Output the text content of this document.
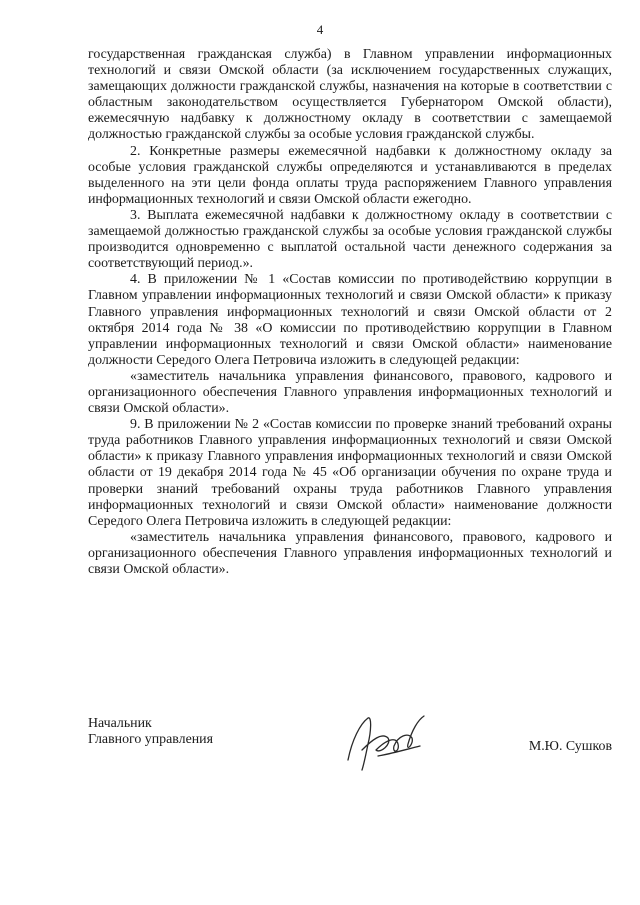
4

государственная гражданская служба) в Главном управлении информационных технологий и связи Омской области (за исключением государственных служащих, замещающих должности гражданской службы, назначения на которые в соответствии с областным законодательством осуществляется Губернатором Омской области), ежемесячную надбавку к должностному окладу в соответствии с замещаемой должностью гражданской службы за особые условия гражданской службы.

2. Конкретные размеры ежемесячной надбавки к должностному окладу за особые условия гражданской службы определяются и устанавливаются в пределах выделенного на эти цели фонда оплаты труда распоряжением Главного управления информационных технологий и связи Омской области ежегодно.

3. Выплата ежемесячной надбавки к должностному окладу в соответствии с замещаемой должностью гражданской службы за особые условия гражданской службы производится одновременно с выплатой остальной части денежного содержания за соответствующий период.».

4. В приложении № 1 «Состав комиссии по противодействию коррупции в Главном управлении информационных технологий и связи Омской области» к приказу Главного управления информационных технологий и связи Омской области от 2 октября 2014 года № 38 «О комиссии по противодействию коррупции в Главном управлении информационных технологий и связи Омской области» наименование должности Середого Олега Петровича изложить в следующей редакции:

«заместитель начальника управления финансового, правового, кадрового и организационного обеспечения Главного управления информационных технологий и связи Омской области».

9. В приложении № 2 «Состав комиссии по проверке знаний требований охраны труда работников Главного управления информационных технологий и связи Омской области» к приказу Главного управления информационных технологий и связи Омской области от 19 декабря 2014 года № 45 «Об организации обучения по охране труда и проверки знаний требований охраны труда работников Главного управления информационных технологий и связи Омской области» наименование должности Середого Олега Петровича изложить в следующей редакции:

«заместитель начальника управления финансового, правового, кадрового и организационного обеспечения Главного управления информационных технологий и связи Омской области».

Начальник
Главного управления	М.Ю. Сушков
